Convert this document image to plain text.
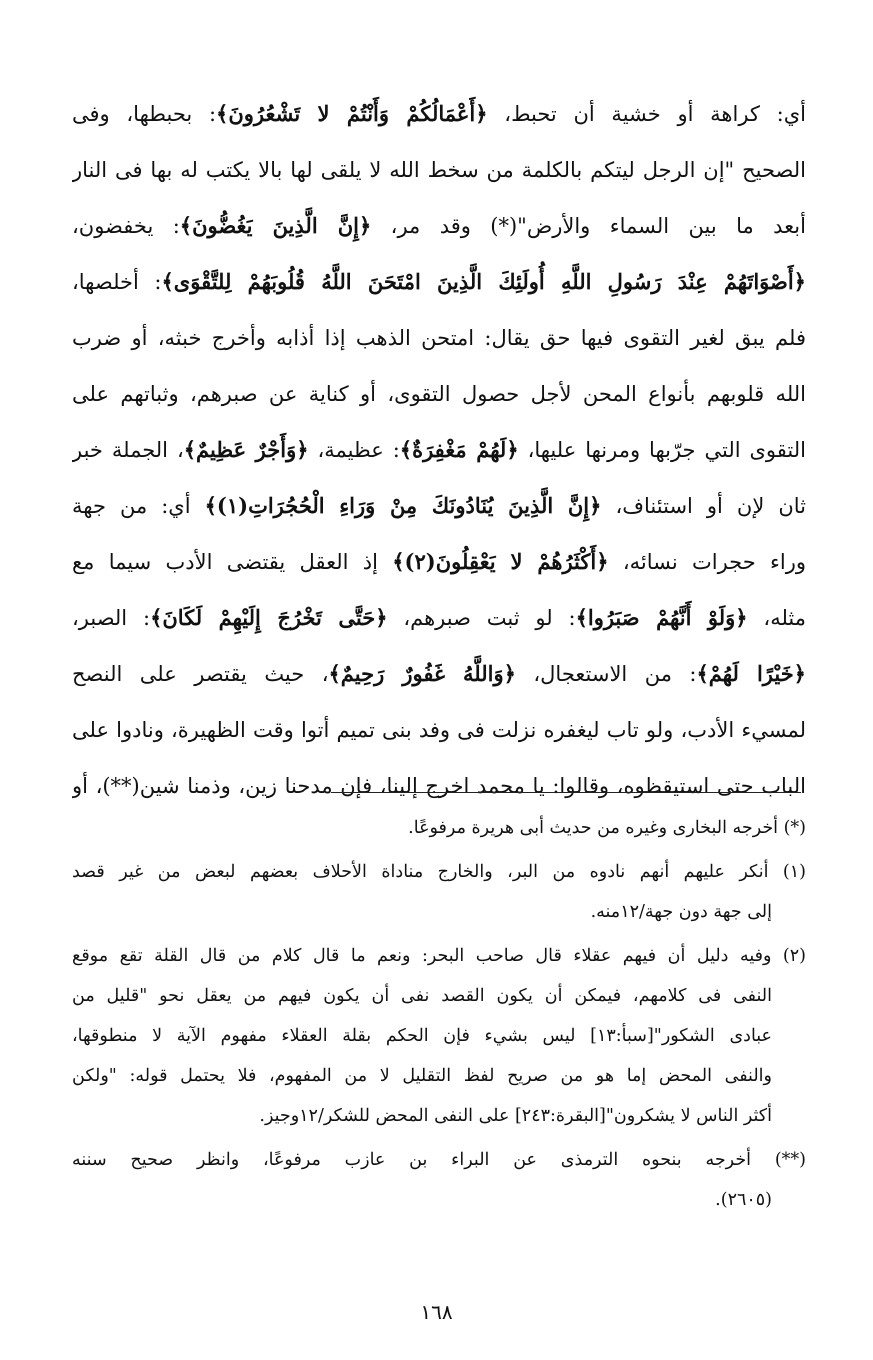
أي: كراهة أو خشية أن تحبط، ﴿أَعْمَالُكُمْ وَأَنْتُمْ لا تَشْعُرُونَ﴾: بحبطها، وفى
الصحيح "إن الرجل ليتكم بالكلمة من سخط الله لا يلقى لها بالا يكتب له بها فى النار
أبعد ما بين السماء والأرض"(*) وقد مر، ﴿إِنَّ الَّذِينَ يَغُضُّونَ﴾: يخفضون،
﴿أَصْوَاتَهُمْ عِنْدَ رَسُولِ اللَّهِ أُولَئِكَ الَّذِينَ امْتَحَنَ اللَّهُ قُلُوبَهُمْ لِلتَّقْوَى﴾: أخلصها،
فلم يبق لغير التقوى فيها حق يقال: امتحن الذهب إذا أذابه وأخرج خبثه، أو ضرب
الله قلوبهم بأنواع المحن لأجل حصول التقوى، أو كناية عن صبرهم، وثباتهم على
التقوى التي جرّبها ومرنها عليها، ﴿لَهُمْ مَغْفِرَةٌ﴾: عظيمة، ﴿وَأَجْرٌ عَظِيمٌ﴾، الجملة خبر
ثان لإن أو استئناف، ﴿إِنَّ الَّذِينَ يُنَادُونَكَ مِنْ وَرَاءِ الْحُجُرَاتِ(١)﴾ أي: من جهة
وراء حجرات نسائه، ﴿أَكْثَرُهُمْ لا يَعْقِلُونَ(٢)﴾ إذ العقل يقتضى الأدب سيما مع
مثله، ﴿وَلَوْ أَنَّهُمْ صَبَرُوا﴾: لو ثبت صبرهم، ﴿حَتَّى تَخْرُجَ إِلَيْهِمْ لَكَانَ﴾: الصبر،
﴿خَيْرًا لَهُمْ﴾: من الاستعجال، ﴿وَاللَّهُ غَفُورٌ رَحِيمٌ﴾، حيث يقتصر على النصح
لمسيء الأدب، ولو تاب ليغفره نزلت فى وفد بنى تميم أتوا وقت الظهيرة، ونادوا على
الباب حتى استيقظوه، وقالوا: يا محمد اخرج إلينا، فإن مدحنا زين، وذمنا شين(**)، أو
(*) أخرجه البخارى وغيره من حديث أبى هريرة مرفوعًا.
(١) أنكر عليهم أنهم نادوه من البر، والخارج مناداة الأحلاف بعضهم لبعض من غير قصد
إلى جهة دون جهة/١٢منه.
(٢) وفيه دليل أن فيهم عقلاء قال صاحب البحر: ونعم ما قال كلام من قال القلة تقع موقع
النفى فى كلامهم، فيمكن أن يكون القصد نفى أن يكون فيهم من يعقل نحو "قليل من
عبادى الشكور"[سبأ:١٣] ليس بشيء فإن الحكم بقلة العقلاء مفهوم الآية لا منطوقها،
والنفى المحض إما هو من صريح لفظ التقليل لا من المفهوم، فلا يحتمل قوله: "ولكن
أكثر الناس لا يشكرون"[البقرة:٢٤٣] على النفى المحض للشكر/١٢وجيز.
(**) أخرجه بنحوه الترمذى عن البراء بن عازب مرفوعًا، وانظر صحيح سننه
(٢٦٠٥).
١٦٨
